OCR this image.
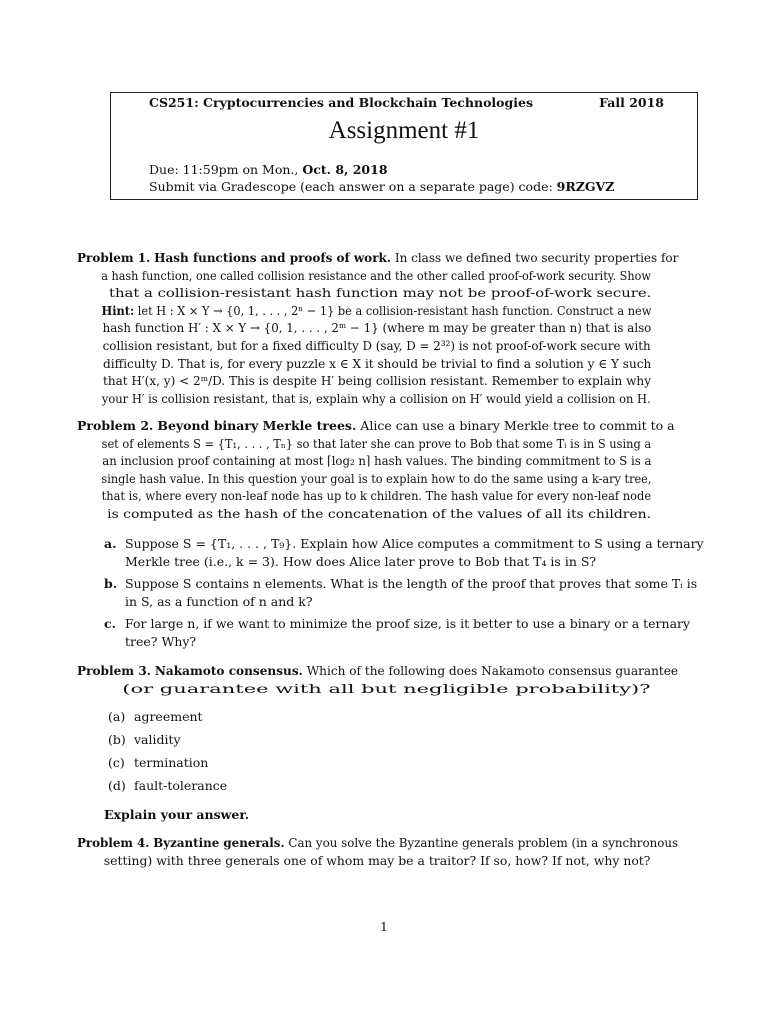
CS251: Cryptocurrencies and Blockchain Technologies	Fall 2018
Assignment #1
Due: 11:59pm on Mon., Oct. 8, 2018
Submit via Gradescope (each answer on a separate page) code: 9RZGVZ
Problem 1. Hash functions and proofs of work. In class we defined two security properties for a hash function, one called collision resistance and the other called proof-of-work security. Show that a collision-resistant hash function may not be proof-of-work secure. Hint: let H : X × Y → {0, 1, . . . , 2ⁿ − 1} be a collision-resistant hash function. Construct a new hash function H′ : X × Y → {0, 1, . . . , 2ᵐ − 1} (where m may be greater than n) that is also collision resistant, but for a fixed difficulty D (say, D = 2³²) is not proof-of-work secure with difficulty D. That is, for every puzzle x ∈ X it should be trivial to find a solution y ∈ Y such that H′(x, y) < 2ᵐ/D. This is despite H′ being collision resistant. Remember to explain why your H′ is collision resistant, that is, explain why a collision on H′ would yield a collision on H.
Problem 2. Beyond binary Merkle trees. Alice can use a binary Merkle tree to commit to a
set of elements S = {T₁, . . . , Tₙ} so that later she can prove to Bob that some Tᵢ is in S using a an inclusion proof containing at most ⌈log₂ n⌉ hash values. The binding commitment to S is a single hash value. In this question your goal is to explain how to do the same using a k-ary tree, that is, where every non-leaf node has up to k children. The hash value for every non-leaf node is computed as the hash of the concatenation of the values of all its children.
a. Suppose S = {T₁, . . . , T₉}. Explain how Alice computes a commitment to S using a ternary
Merkle tree (i.e., k = 3). How does Alice later prove to Bob that T₄ is in S?
b. Suppose S contains n elements. What is the length of the proof that proves that some Tᵢ is
in S, as a function of n and k?
c. For large n, if we want to minimize the proof size, is it better to use a binary or a ternary
tree? Why?
Problem 3. Nakamoto consensus. Which of the following does Nakamoto consensus guarantee (or guarantee with all but negligible probability)?
(a) agreement
(b) validity
(c) termination
(d) fault-tolerance
Explain your answer.
Problem 4. Byzantine generals. Can you solve the Byzantine generals problem (in a synchronous setting) with three generals one of whom may be a traitor? If so, how? If not, why not?
1
